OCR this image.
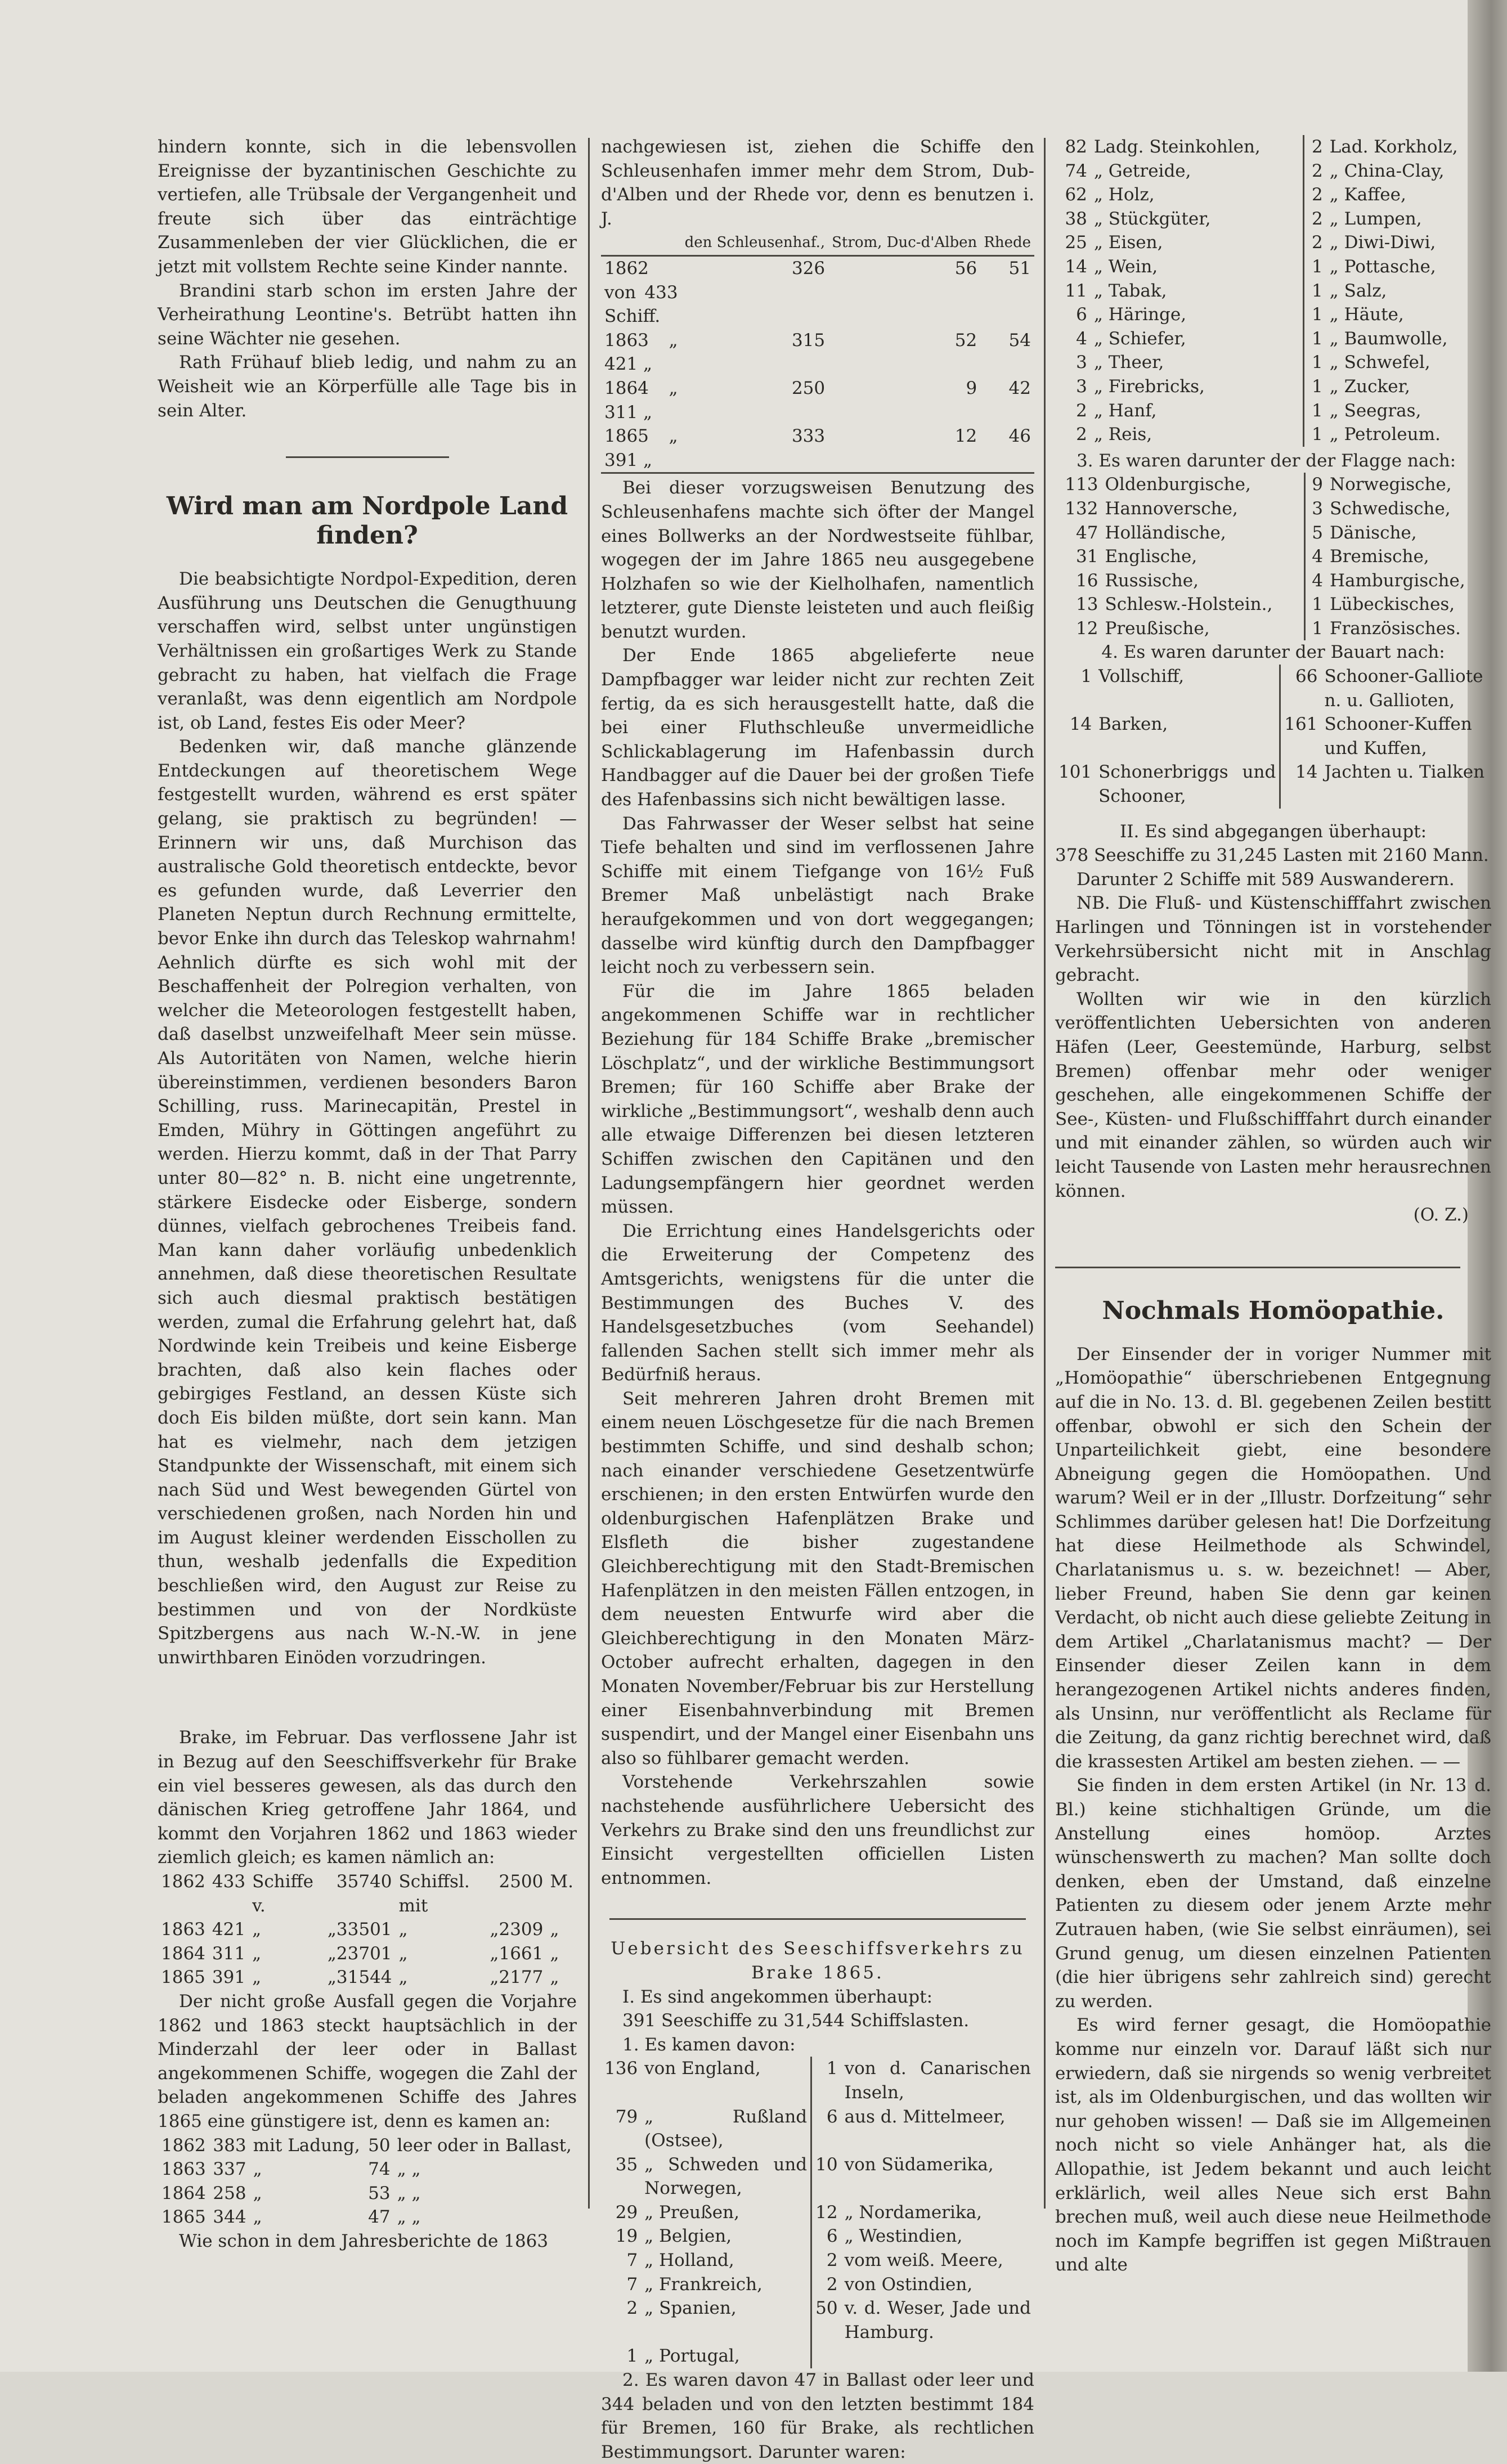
hindern konnte, sich in die lebensvollen Ereignisse der byzantinischen Geschichte zu vertiefen, alle Trübsale der Vergangenheit und freute sich über das einträchtige Zusammenleben der vier Glücklichen, die er jetzt mit vollstem Rechte seine Kinder nannte.

Brandini starb schon im ersten Jahre der Verheirathung Leontine's. Betrübt hatten ihn seine Wächter nie gesehen.

Rath Frühauf blieb ledig, und nahm zu an Weisheit wie an Körperfülle alle Tage bis in sein Alter.

Wird man am Nordpole Land finden?

Die beabsichtigte Nordpol-Expedition, deren Ausführung uns Deutschen die Genugthuung verschaffen wird, selbst unter ungünstigen Verhältnissen ein großartiges Werk zu Stande gebracht zu haben, hat vielfach die Frage veranlaßt, was denn eigentlich am Nordpole ist, ob Land, festes Eis oder Meer?

Bedenken wir, daß manche glänzende Entdeckungen auf theoretischem Wege festgestellt wurden, während es erst später gelang, sie praktisch zu begründen! — Erinnern wir uns, daß Murchison das australische Gold theoretisch entdeckte, bevor es gefunden wurde, daß Leverrier den Planeten Neptun durch Rechnung ermittelte, bevor Enke ihn durch das Teleskop wahrnahm! Aehnlich dürfte es sich wohl mit der Beschaffenheit der Polregion verhalten, von welcher die Meteorologen festgestellt haben, daß daselbst unzweifelhaft Meer sein müsse. Als Autoritäten von Namen, welche hierin übereinstimmen, verdienen besonders Baron Schilling, russ. Marinecapitän, Prestel in Emden, Mühry in Göttingen angeführt zu werden. Hierzu kommt, daß in der That Parry unter 80—82° n. B. nicht eine ungetrennte, stärkere Eisdecke oder Eisberge, sondern dünnes, vielfach gebrochenes Treibeis fand. Man kann daher vorläufig unbedenklich annehmen, daß diese theoretischen Resultate sich auch diesmal praktisch bestätigen werden, zumal die Erfahrung gelehrt hat, daß Nordwinde kein Treibeis und keine Eisberge brachten, daß also kein flaches oder gebirgiges Festland, an dessen Küste sich doch Eis bilden müßte, dort sein kann. Man hat es vielmehr, nach dem jetzigen Standpunkte der Wissenschaft, mit einem sich nach Süd und West bewegenden Gürtel von verschiedenen großen, nach Norden hin und im August kleiner werdenden Eisschollen zu thun, weshalb jedenfalls die Expedition beschließen wird, den August zur Reise zu bestimmen und von der Nordküste Spitzbergens aus nach W.-N.-W. in jene unwirthbaren Einöden vorzudringen.

Brake, im Februar. Das verflossene Jahr ist in Bezug auf den Seeschiffsverkehr für Brake ein viel besseres gewesen, als das durch den dänischen Krieg getroffene Jahr 1864, und kommt den Vorjahren 1862 und 1863 wieder ziemlich gleich; es kamen nämlich an:

1862	433	Schiffe v.	35740	Schiffsl. mit	2500	M.
1863	421	„	„33501	„	„2309	„
1864	311	„	„23701	„	„1661	„
1865	391	„	„31544	„	„2177	„

Der nicht große Ausfall gegen die Vorjahre 1862 und 1863 steckt hauptsächlich in der Minderzahl der leer oder in Ballast angekommenen Schiffe, wogegen die Zahl der beladen angekommenen Schiffe des Jahres 1865 eine günstigere ist, denn es kamen an:

1862	383	mit Ladung,	50	leer oder in Ballast,
1863	337	„	74	„ „
1864	258	„	53	„ „
1865	344	„	47	„ „

Wie schon in dem Jahresberichte de 1863

nachgewiesen ist, ziehen die Schiffe den Schleusenhafen immer mehr dem Strom, Dub-d'Alben und der Rhede vor, denn es benutzen i. J.

	den Schleusenhaf.,	Strom, Duc-d'Alben	Rhede
1862 von 433 Schiff.	326	56	51
1863 „ 421 „	315	52	54
1864 „ 311 „	250	9	42
1865 „ 391 „	333	12	46

Bei dieser vorzugsweisen Benutzung des Schleusenhafens machte sich öfter der Mangel eines Bollwerks an der Nordwestseite fühlbar, wogegen der im Jahre 1865 neu ausgegebene Holzhafen so wie der Kielholhafen, namentlich letzterer, gute Dienste leisteten und auch fleißig benutzt wurden.

Der Ende 1865 abgelieferte neue Dampfbagger war leider nicht zur rechten Zeit fertig, da es sich herausgestellt hatte, daß die bei einer Fluthschleuße unvermeidliche Schlickablagerung im Hafenbassin durch Handbagger auf die Dauer bei der großen Tiefe des Hafenbassins sich nicht bewältigen lasse.

Das Fahrwasser der Weser selbst hat seine Tiefe behalten und sind im verflossenen Jahre Schiffe mit einem Tiefgange von 16½ Fuß Bremer Maß unbelästigt nach Brake heraufgekommen und von dort weggegangen; dasselbe wird künftig durch den Dampfbagger leicht noch zu verbessern sein.

Für die im Jahre 1865 beladen angekommenen Schiffe war in rechtlicher Beziehung für 184 Schiffe Brake „bremischer Löschplatz“, und der wirkliche Bestimmungsort Bremen; für 160 Schiffe aber Brake der wirkliche „Bestimmungsort“, weshalb denn auch alle etwaige Differenzen bei diesen letzteren Schiffen zwischen den Capitänen und den Ladungsempfängern hier geordnet werden müssen.

Die Errichtung eines Handelsgerichts oder die Erweiterung der Competenz des Amtsgerichts, wenigstens für die unter die Bestimmungen des Buches V. des Handelsgesetzbuches (vom Seehandel) fallenden Sachen stellt sich immer mehr als Bedürfniß heraus.

Seit mehreren Jahren droht Bremen mit einem neuen Löschgesetze für die nach Bremen bestimmten Schiffe, und sind deshalb schon; nach einander verschiedene Gesetzentwürfe erschienen; in den ersten Entwürfen wurde den oldenburgischen Hafenplätzen Brake und Elsfleth die bisher zugestandene Gleichberechtigung mit den Stadt-Bremischen Hafenplätzen in den meisten Fällen entzogen, in dem neuesten Entwurfe wird aber die Gleichberechtigung in den Monaten März-October aufrecht erhalten, dagegen in den Monaten November/Februar bis zur Herstellung einer Eisenbahnverbindung mit Bremen suspendirt, und der Mangel einer Eisenbahn uns also so fühlbarer gemacht werden.

Vorstehende Verkehrszahlen sowie nachstehende ausführlichere Uebersicht des Verkehrs zu Brake sind den uns freundlichst zur Einsicht vergestellten officiellen Listen entnommen.

Uebersicht des Seeschiffsverkehrs zu Brake 1865.

I. Es sind angekommen überhaupt:

391 Seeschiffe zu 31,544 Schiffslasten.

1. Es kamen davon:

136	von England,	1	von d. Canarischen Inseln,
79	„ Rußland (Ostsee),	6	aus d. Mittelmeer,
35	„ Schweden und Norwegen,	10	von Südamerika,
29	„ Preußen,	12	„ Nordamerika,
19	„ Belgien,	6	„ Westindien,
7	„ Holland,	2	vom weiß. Meere,
7	„ Frankreich,	2	von Ostindien,
2	„ Spanien,	50	v. d. Weser, Jade und Hamburg.
1	„ Portugal,		

2. Es waren davon 47 in Ballast oder leer und 344 beladen und von den letzten bestimmt 184 für Bremen, 160 für Brake, als rechtlichen Bestimmungsort. Darunter waren:

82	Ladg. Steinkohlen,	2	Lad. Korkholz,
74	„ Getreide,	2	„ China-Clay,
62	„ Holz,	2	„ Kaffee,
38	„ Stückgüter,	2	„ Lumpen,
25	„ Eisen,	2	„ Diwi-Diwi,
14	„ Wein,	1	„ Pottasche,
11	„ Tabak,	1	„ Salz,
6	„ Häringe,	1	„ Häute,
4	„ Schiefer,	1	„ Baumwolle,
3	„ Theer,	1	„ Schwefel,
3	„ Firebricks,	1	„ Zucker,
2	„ Hanf,	1	„ Seegras,
2	„ Reis,	1	„ Petroleum.

3. Es waren darunter der der Flagge nach:

113	Oldenburgische,	9	Norwegische,
132	Hannoversche,	3	Schwedische,
47	Holländische,	5	Dänische,
31	Englische,	4	Bremische,
16	Russische,	4	Hamburgische,
13	Schlesw.-Holstein.,	1	Lübeckisches,
12	Preußische,	1	Französisches.

4. Es waren darunter der Bauart nach:

1	Vollschiff,	66	Schooner-Galliote n. u. Gallioten,
14	Barken,	161	Schooner-Kuffen und Kuffen,
101	Schonerbriggs und Schooner,	14	Jachten u. Tialken

II. Es sind abgegangen überhaupt:

378 Seeschiffe zu 31,245 Lasten mit 2160 Mann.

Darunter 2 Schiffe mit 589 Auswanderern.

NB. Die Fluß- und Küstenschifffahrt zwischen Harlingen und Tönningen ist in vorstehender Verkehrsübersicht nicht mit in Anschlag gebracht.

Wollten wir wie in den kürzlich veröffentlichten Uebersichten von anderen Häfen (Leer, Geestemünde, Harburg, selbst Bremen) offenbar mehr oder weniger geschehen, alle eingekommenen Schiffe der See-, Küsten- und Flußschifffahrt durch einander und mit einander zählen, so würden auch wir leicht Tausende von Lasten mehr herausrechnen können.

(O. Z.)
Nochmals Homöopathie.

Der Einsender der in voriger Nummer mit „Homöopathie“ überschriebenen Entgegnung auf die in No. 13. d. Bl. gegebenen Zeilen bestitt offenbar, obwohl er sich den Schein der Unparteilichkeit giebt, eine besondere Abneigung gegen die Homöopathen. Und warum? Weil er in der „Illustr. Dorfzeitung“ sehr Schlimmes darüber gelesen hat! Die Dorfzeitung hat diese Heilmethode als Schwindel, Charlatanismus u. s. w. bezeichnet! — Aber, lieber Freund, haben Sie denn gar keinen Verdacht, ob nicht auch diese geliebte Zeitung in dem Artikel „Charlatanismus macht? — Der Einsender dieser Zeilen kann in dem herangezogenen Artikel nichts anderes finden, als Unsinn, nur veröffentlicht als Reclame für die Zeitung, da ganz richtig berechnet wird, daß die krassesten Artikel am besten ziehen. — —

Sie finden in dem ersten Artikel (in Nr. 13 d. Bl.) keine stichhaltigen Gründe, um die Anstellung eines homöop. Arztes wünschenswerth zu machen? Man sollte doch denken, eben der Umstand, daß einzelne Patienten zu diesem oder jenem Arzte mehr Zutrauen haben, (wie Sie selbst einräumen), sei Grund genug, um diesen einzelnen Patienten (die hier übrigens sehr zahlreich sind) gerecht zu werden.

Es wird ferner gesagt, die Homöopathie komme nur einzeln vor. Darauf läßt sich nur erwiedern, daß sie nirgends so wenig verbreitet ist, als im Oldenburgischen, und das wollten wir nur gehoben wissen! — Daß sie im Allgemeinen noch nicht so viele Anhänger hat, als die Allopathie, ist Jedem bekannt und auch leicht erklärlich, weil alles Neue sich erst Bahn brechen muß, weil auch diese neue Heilmethode noch im Kampfe begriffen ist gegen Mißtrauen und alte
